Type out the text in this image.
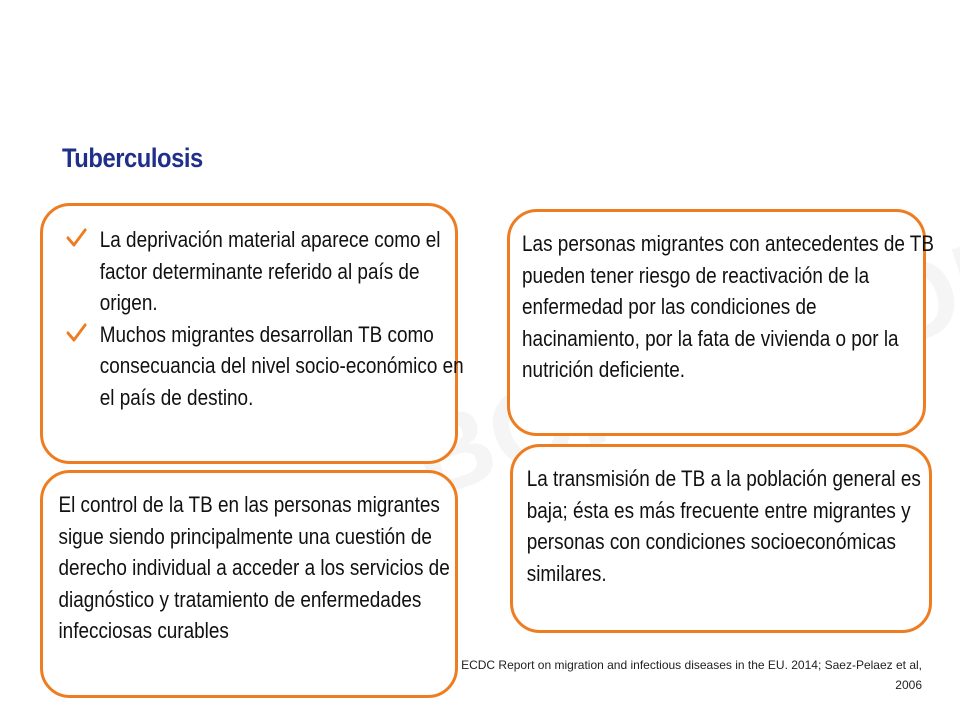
Tuberculosis
La deprivación material aparece como el factor determinante referido al país de origen.
Muchos migrantes desarrollan TB como consecuancia del nivel socio-económico en el país de destino.
Las personas migrantes con antecedentes de TB pueden tener riesgo de reactivación de la enfermedad por las condiciones de hacinamiento, por la fata de vivienda o por la nutrición deficiente.
La transmisión de TB a la población general es baja; ésta es más frecuente entre migrantes y personas con condiciones socioeconómicas similares.
El control de la TB en las personas migrantes sigue siendo principalmente una cuestión de derecho individual a acceder a los servicios de diagnóstico y tratamiento de enfermedades infecciosas curables
ECDC Report on migration and infectious diseases in the EU. 2014; Saez-Pelaez et al, 2006
